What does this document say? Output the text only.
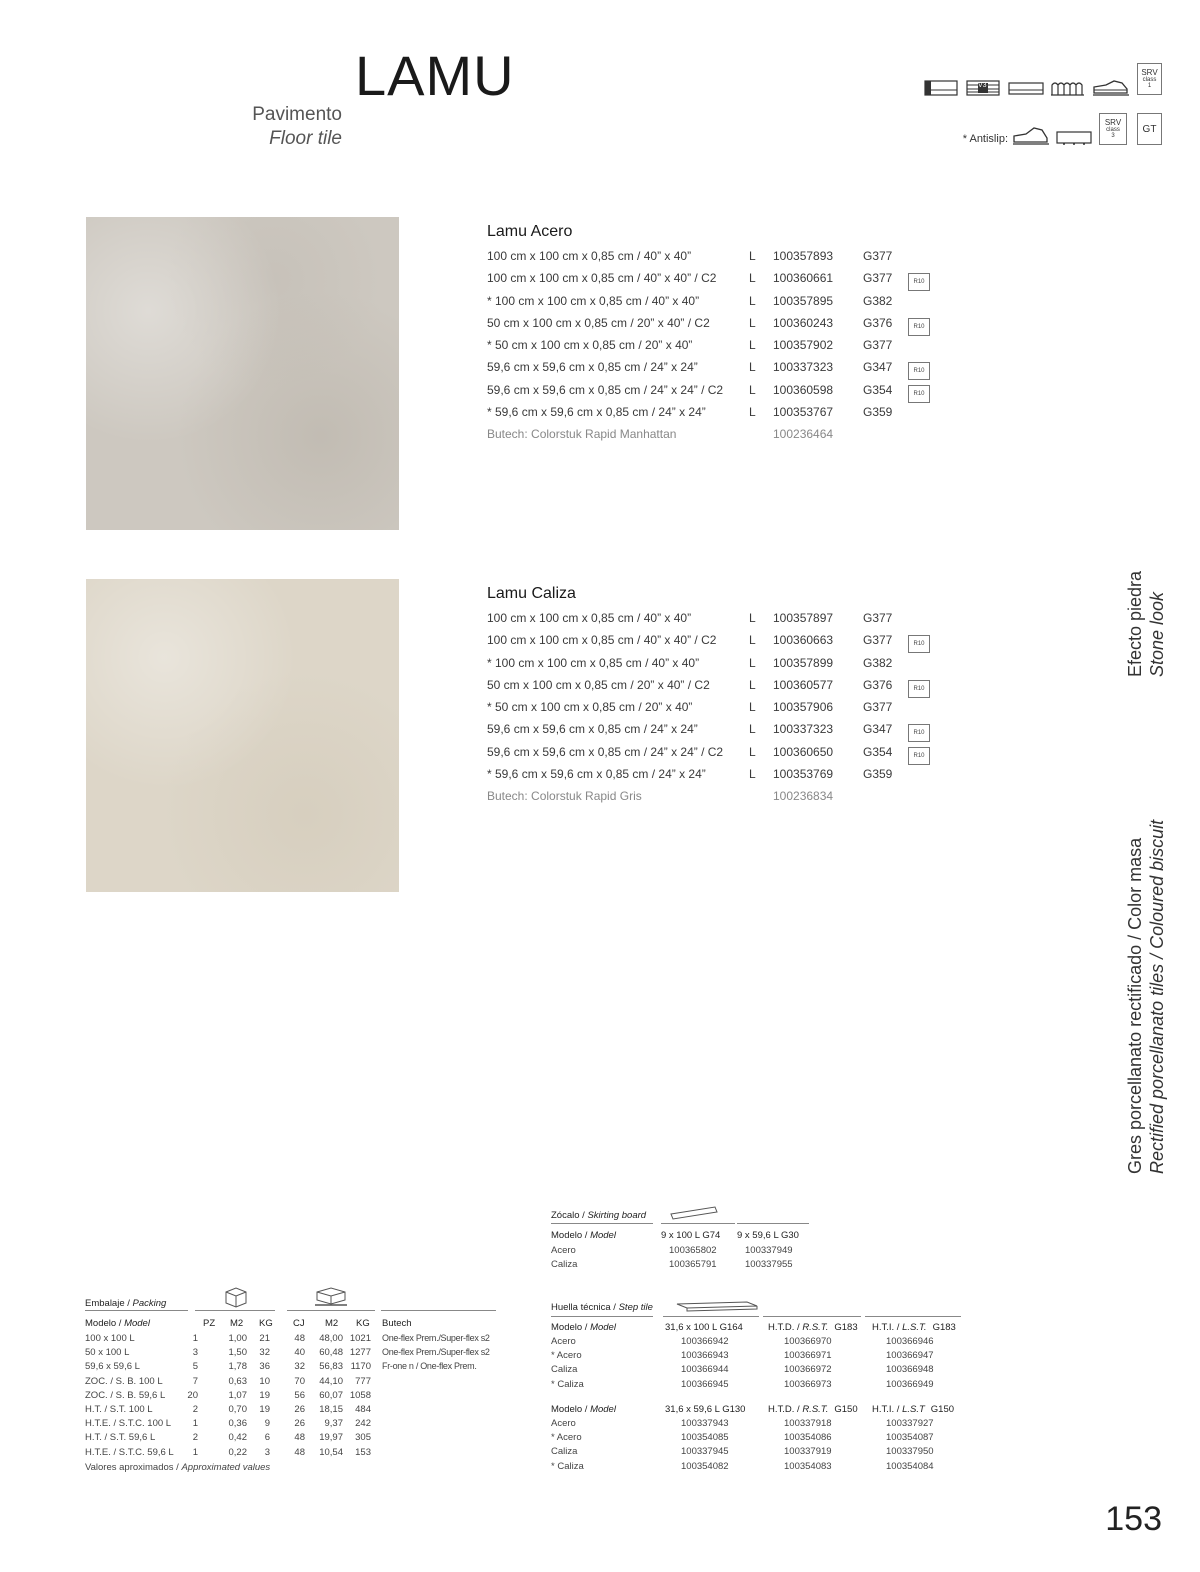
LAMU
Pavimento
Floor tile
V3
SRV
class
1
* Antislip:
SRV
class
3
GT
Lamu Acero
100 cm x 100 cm x 0,85 cm / 40” x 40”	L 100357893 G377
100 cm x 100 cm x 0,85 cm / 40” x 40” / C2	L 100360661 G377	R10
* 100 cm x 100 cm x 0,85 cm / 40” x 40”	L 100357895 G382
50 cm x 100 cm x 0,85 cm / 20” x 40” / C2	L 100360243 G376	R10
* 50 cm x 100 cm x 0,85 cm / 20” x 40”	L 100357902 G377
59,6 cm x 59,6 cm x 0,85 cm / 24” x 24”	L 100337323 G347	R10
59,6 cm x 59,6 cm x 0,85 cm / 24” x 24” / C2 L 100360598 G354	R10
* 59,6 cm x 59,6 cm x 0,85 cm / 24” x 24”	L 100353767 G359
Butech: Colorstuk Rapid Manhattan	100236464
Lamu Caliza
100 cm x 100 cm x 0,85 cm / 40” x 40”	L 100357897 G377
100 cm x 100 cm x 0,85 cm / 40” x 40” / C2	L 100360663 G377	R10
* 100 cm x 100 cm x 0,85 cm / 40” x 40”	L 100357899 G382
50 cm x 100 cm x 0,85 cm / 20” x 40” / C2	L 100360577 G376	R10
* 50 cm x 100 cm x 0,85 cm / 20” x 40”	L 100357906 G377
59,6 cm x 59,6 cm x 0,85 cm / 24” x 24”	L 100337323 G347	R10
59,6 cm x 59,6 cm x 0,85 cm / 24” x 24” / C2 L 100360650 G354	R10
* 59,6 cm x 59,6 cm x 0,85 cm / 24” x 24”	L 100353769 G359
Butech: Colorstuk Rapid Gris	100236834
Efecto piedra Stone look
Gres porcellanato rectificado / Color masa Rectified porcellanato tiles / Coloured biscuit
Embalaje / Packing
Modelo / Model	PZ M2 KG CJ M2 KG Butech
100 x 100 L	1	1,00	21	48	48,00 1021 One-flex Prem./Super-flex s2
50 x 100 L	3	1,50	32	40	60,48 1277 One-flex Prem./Super-flex s2
59,6 x 59,6 L	5	1,78	36	32	56,83 1170 Fr-one n / One-flex Prem.
ZOC. / S. B. 100 L	7	0,63	10	70	44,10	777
ZOC. / S. B. 59,6 L	20	1,07	19	56	60,07 1058
H.T. / S.T. 100 L	2	0,70	19	26	18,15	484
H.T.E. / S.T.C. 100 L	1	0,36	9	26	9,37	242
H.T. / S.T. 59,6 L	2	0,42	6	48	19,97	305
H.T.E. / S.T.C. 59,6 L	1	0,22	3	48	10,54	153
Valores aproximados / Approximated values
Zócalo / Skirting board
Modelo / Model	9 x 100 L G74 9 x 59,6 L G30
Acero	100365802	100337949
Caliza	100365791	100337955
Huella técnica / Step tile
Modelo / Model	31,6 x 100 L G164	H.T.D. / R.S.T. G183 H.T.I. / L.S.T. G183
Acero	100366942	100366970	100366946
* Acero	100366943	100366971	100366947
Caliza	100366944	100366972	100366948
* Caliza	100366945	100366973	100366949
Modelo / Model	31,6 x 59,6 L G130 H.T.D. / R.S.T. G150 H.T.I. / L.S.T G150
Acero	100337943	100337918	100337927
* Acero	100354085	100354086	100354087
Caliza	100337945	100337919	100337950
* Caliza	100354082	100354083	100354084
153
